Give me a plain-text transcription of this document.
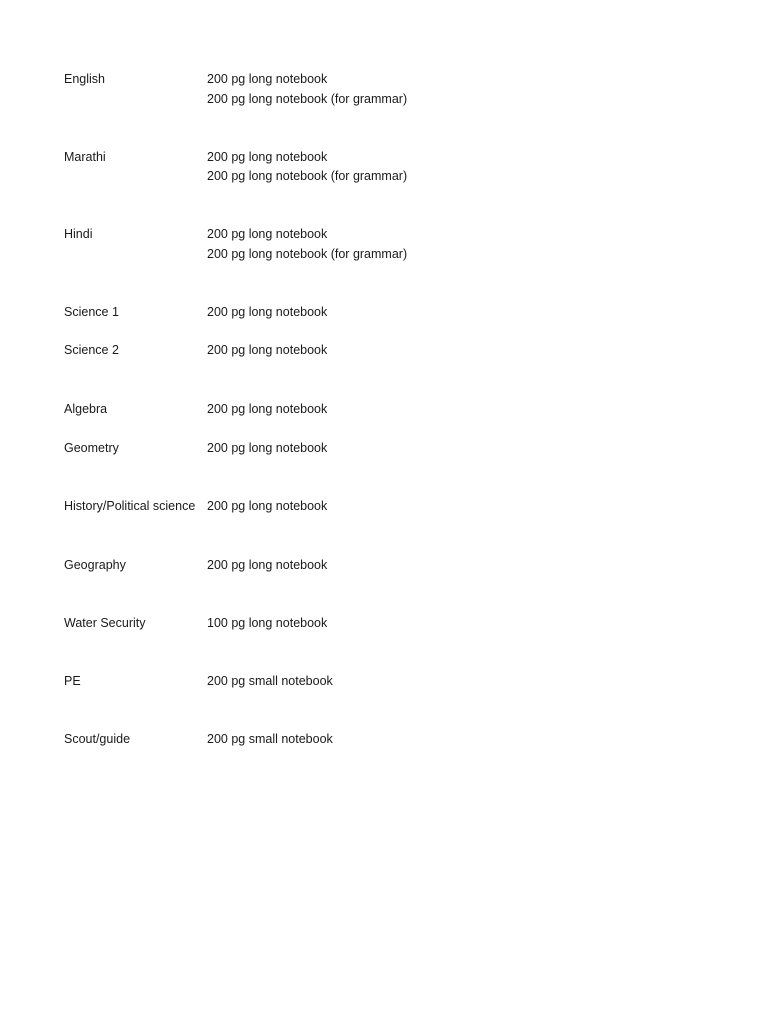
English	200 pg long notebook
200 pg long notebook (for grammar)
Marathi	200 pg long notebook
200 pg long notebook (for grammar)
Hindi	200 pg long notebook
200 pg long notebook (for grammar)
Science 1	200 pg long notebook
Science 2	200 pg long notebook
Algebra	200 pg long notebook
Geometry	200 pg long notebook
History/Political science 200 pg long notebook
Geography	200 pg long notebook
Water Security	100 pg long notebook
PE	200 pg small notebook
Scout/guide	200 pg small notebook
